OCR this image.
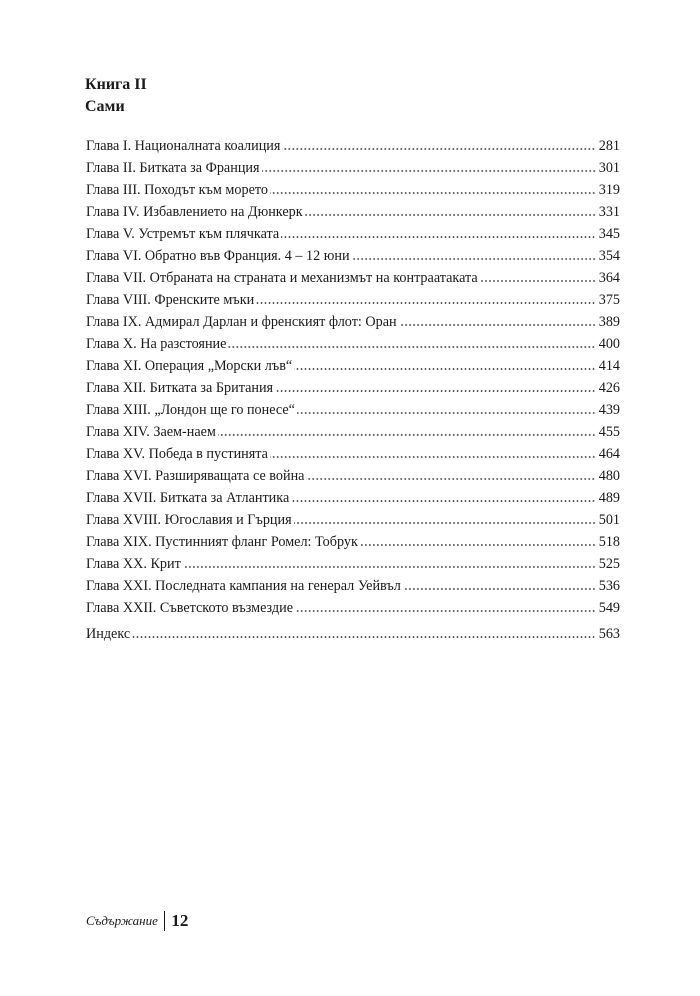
Книга II
Сами
Глава I. Националната коалиция	281
Глава II. Битката за Франция	301
Глава III. Походът към морето	319
Глава IV. Избавлението на Дюнкерк	331
Глава V. Устремът към плячката	345
Глава VI. Обратно във Франция. 4 – 12 юни	354
Глава VII. Отбраната на страната и механизмът на контраатаката	364
Глава VIII. Френските мъки	375
Глава IX. Адмирал Дарлан и френският флот: Оран	389
Глава X. На разстояние	400
Глава XI. Операция „Морски лъв“	414
Глава XII. Битката за Британия	426
Глава XIII. „Лондон ще го понесе“	439
Глава XIV. Заем-наем	455
Глава XV. Победа в пустинята	464
Глава XVI. Разширяващата се война	480
Глава XVII. Битката за Атлантика	489
Глава XVIII. Югославия и Гърция	501
Глава XIX. Пустинният фланг Ромел: Тобрук	518
Глава XX. Крит	525
Глава XXI. Последната кампания на генерал Уейвъл	536
Глава XXII. Съветското възмездие	549
Индекс	563
Съдържание 12
